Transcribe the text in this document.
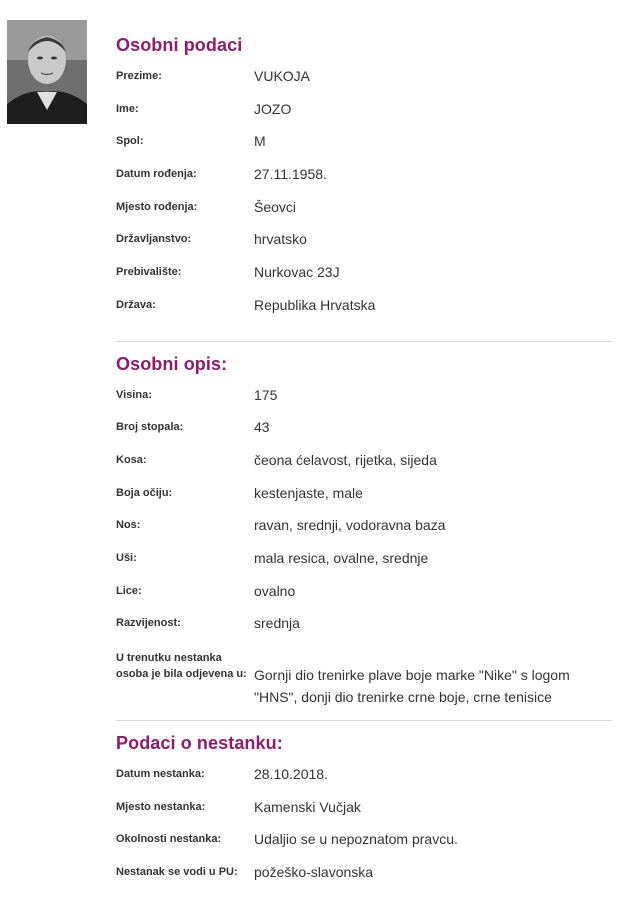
Osobni podaci
Prezime:	VUKOJA
Ime:	JOZO
Spol:	M
Datum rođenja:	27.11.1958.
Mjesto rođenja:	Šeovci
Državljanstvo:	hrvatsko
Prebivalište:	Nurkovac 23J
Država:	Republika Hrvatska
Osobni opis:
Visina:	175
Broj stopala:	43
Kosa:	čeona ćelavost, rijetka, sijeda
Boja očiju:	kestenjaste, male
Nos:	ravan, srednji, vodoravna baza
Uši:	mala resica, ovalne, srednje
Lice:	ovalno
Razvijenost:	srednja
U trenutku nestanka osoba je bila odjevena u: Gornji dio trenirke plave boje marke "Nike" s logom "HNS", donji dio trenirke crne boje, crne tenisice
Podaci o nestanku:
Datum nestanka:	28.10.2018.
Mjesto nestanka:	Kamenski Vučjak
Okolnosti nestanka:	Udaljio se u nepoznatom pravcu.
Nestanak se vodi u PU:	požeško-slavonska
